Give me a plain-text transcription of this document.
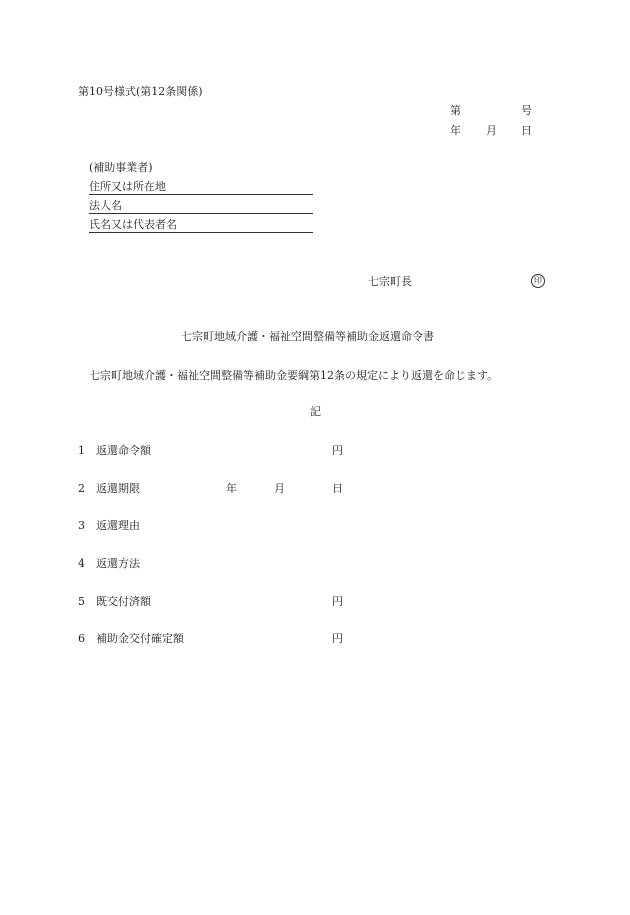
第10号様式(第12条関係)
第	号
年 月 日
(補助事業者)
住所又は所在地
法人名
氏名又は代表者名
七宗町長	印
七宗町地域介護・福祉空間整備等補助金返還命令書
七宗町地域介護・福祉空間整備等補助金要綱第12条の規定により返還を命じます。
記
1 返還命令額	円
2 返還期限	年	月	日
3 返還理由
4 返還方法
5 既交付済額	円
6 補助金交付確定額	円
